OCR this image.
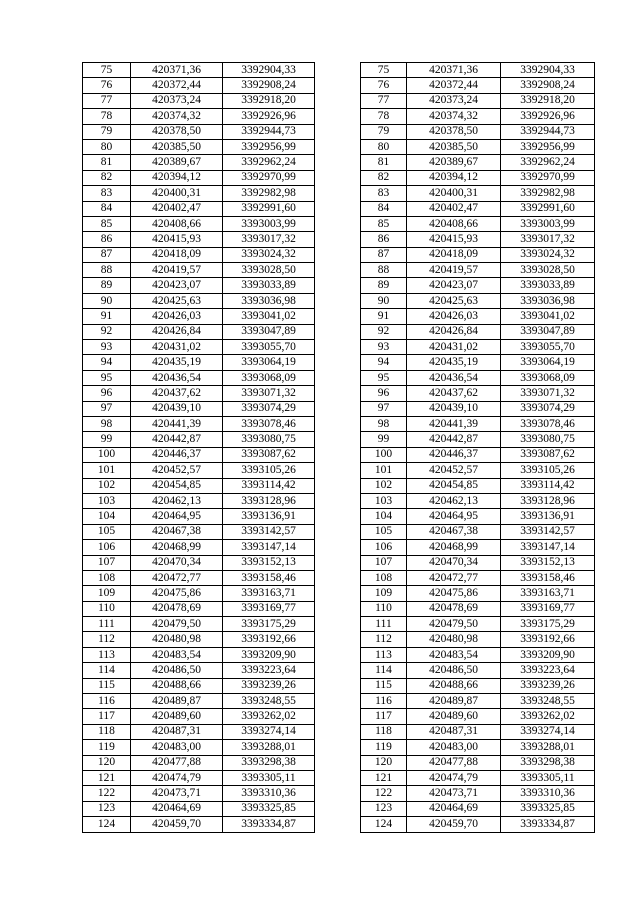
75	420371,36	3392904,33		75	420371,36	3392904,33
76	420372,44	3392908,24		76	420372,44	3392908,24
77	420373,24	3392918,20		77	420373,24	3392918,20
78	420374,32	3392926,96		78	420374,32	3392926,96
79	420378,50	3392944,73		79	420378,50	3392944,73
80	420385,50	3392956,99		80	420385,50	3392956,99
81	420389,67	3392962,24		81	420389,67	3392962,24
82	420394,12	3392970,99		82	420394,12	3392970,99
83	420400,31	3392982,98		83	420400,31	3392982,98
84	420402,47	3392991,60		84	420402,47	3392991,60
85	420408,66	3393003,99		85	420408,66	3393003,99
86	420415,93	3393017,32		86	420415,93	3393017,32
87	420418,09	3393024,32		87	420418,09	3393024,32
88	420419,57	3393028,50		88	420419,57	3393028,50
89	420423,07	3393033,89		89	420423,07	3393033,89
90	420425,63	3393036,98		90	420425,63	3393036,98
91	420426,03	3393041,02		91	420426,03	3393041,02
92	420426,84	3393047,89		92	420426,84	3393047,89
93	420431,02	3393055,70		93	420431,02	3393055,70
94	420435,19	3393064,19		94	420435,19	3393064,19
95	420436,54	3393068,09		95	420436,54	3393068,09
96	420437,62	3393071,32		96	420437,62	3393071,32
97	420439,10	3393074,29		97	420439,10	3393074,29
98	420441,39	3393078,46		98	420441,39	3393078,46
99	420442,87	3393080,75		99	420442,87	3393080,75
100	420446,37	3393087,62		100	420446,37	3393087,62
101	420452,57	3393105,26		101	420452,57	3393105,26
102	420454,85	3393114,42		102	420454,85	3393114,42
103	420462,13	3393128,96		103	420462,13	3393128,96
104	420464,95	3393136,91		104	420464,95	3393136,91
105	420467,38	3393142,57		105	420467,38	3393142,57
106	420468,99	3393147,14		106	420468,99	3393147,14
107	420470,34	3393152,13		107	420470,34	3393152,13
108	420472,77	3393158,46		108	420472,77	3393158,46
109	420475,86	3393163,71		109	420475,86	3393163,71
110	420478,69	3393169,77		110	420478,69	3393169,77
111	420479,50	3393175,29		111	420479,50	3393175,29
112	420480,98	3393192,66		112	420480,98	3393192,66
113	420483,54	3393209,90		113	420483,54	3393209,90
114	420486,50	3393223,64		114	420486,50	3393223,64
115	420488,66	3393239,26		115	420488,66	3393239,26
116	420489,87	3393248,55		116	420489,87	3393248,55
117	420489,60	3393262,02		117	420489,60	3393262,02
118	420487,31	3393274,14		118	420487,31	3393274,14
119	420483,00	3393288,01		119	420483,00	3393288,01
120	420477,88	3393298,38		120	420477,88	3393298,38
121	420474,79	3393305,11		121	420474,79	3393305,11
122	420473,71	3393310,36		122	420473,71	3393310,36
123	420464,69	3393325,85		123	420464,69	3393325,85
124	420459,70	3393334,87		124	420459,70	3393334,87
